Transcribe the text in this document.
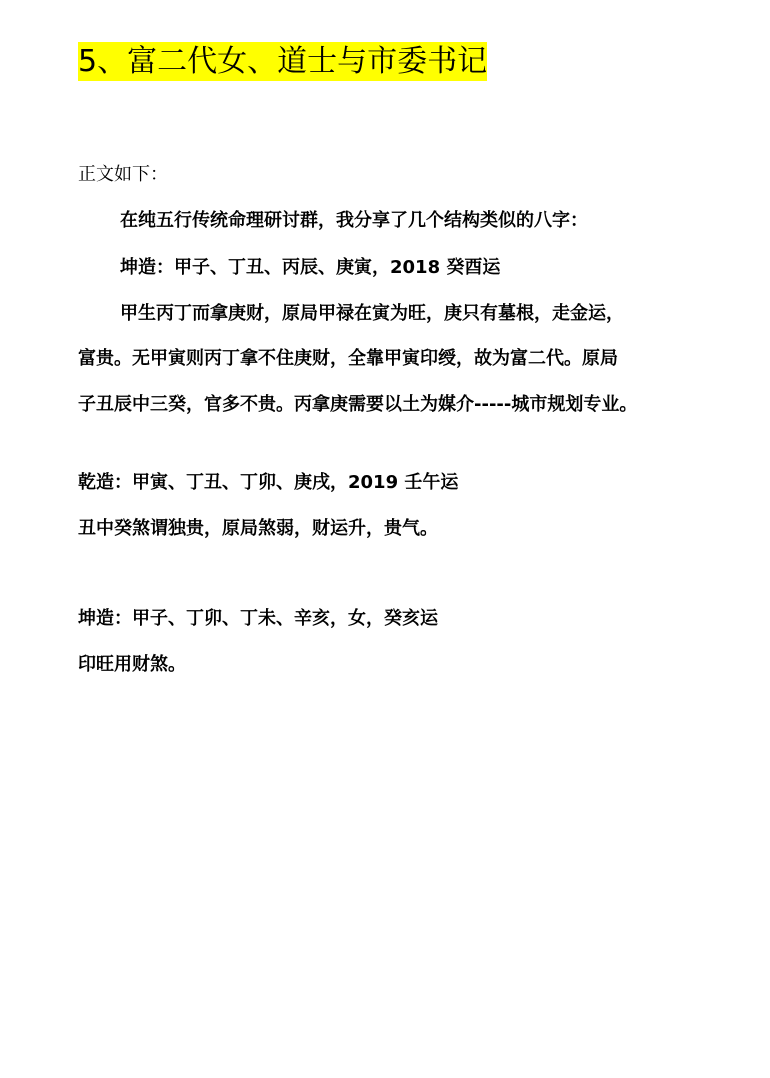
5、富二代女、道士与市委书记

正文如下：

在纯五行传统命理研讨群，我分享了几个结构类似的八字：

坤造：甲子、丁丑、丙辰、庚寅，2018 癸酉运

甲生丙丁而拿庚财，原局甲禄在寅为旺，庚只有墓根，走金运，

富贵。无甲寅则丙丁拿不住庚财，全靠甲寅印绶，故为富二代。原局

子丑辰中三癸，官多不贵。丙拿庚需要以土为媒介-----城市规划专业。

乾造：甲寅、丁丑、丁卯、庚戌，2019 壬午运

丑中癸煞谓独贵，原局煞弱，财运升，贵气。

坤造：甲子、丁卯、丁未、辛亥，女，癸亥运

印旺用财煞。
